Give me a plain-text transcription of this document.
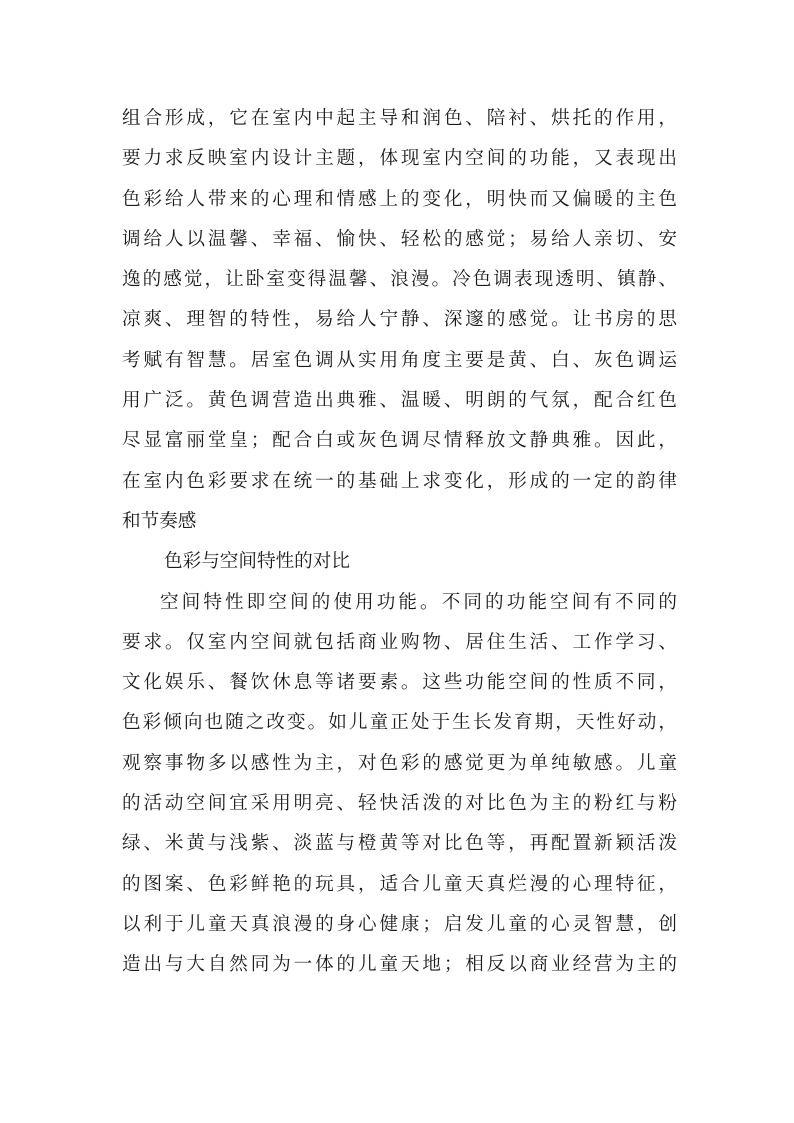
组合形成，它在室内中起主导和润色、陪衬、烘托的作用，
要力求反映室内设计主题，体现室内空间的功能，又表现出
色彩给人带来的心理和情感上的变化，明快而又偏暖的主色
调给人以温馨、幸福、愉快、轻松的感觉；易给人亲切、安
逸的感觉，让卧室变得温馨、浪漫。冷色调表现透明、镇静、
凉爽、理智的特性，易给人宁静、深邃的感觉。让书房的思
考赋有智慧。居室色调从实用角度主要是黄、白、灰色调运
用广泛。黄色调营造出典雅、温暖、明朗的气氛，配合红色
尽显富丽堂皇；配合白或灰色调尽情释放文静典雅。因此，
在室内色彩要求在统一的基础上求变化，形成的一定的韵律
和节奏感
色彩与空间特性的对比
空间特性即空间的使用功能。不同的功能空间有不同的
要求。仅室内空间就包括商业购物、居住生活、工作学习、
文化娱乐、餐饮休息等诸要素。这些功能空间的性质不同，
色彩倾向也随之改变。如儿童正处于生长发育期，天性好动，
观察事物多以感性为主，对色彩的感觉更为单纯敏感。儿童
的活动空间宜采用明亮、轻快活泼的对比色为主的粉红与粉
绿、米黄与浅紫、淡蓝与橙黄等对比色等，再配置新颖活泼
的图案、色彩鲜艳的玩具，适合儿童天真烂漫的心理特征，
以利于儿童天真浪漫的身心健康；启发儿童的心灵智慧，创
造出与大自然同为一体的儿童天地；相反以商业经营为主的
